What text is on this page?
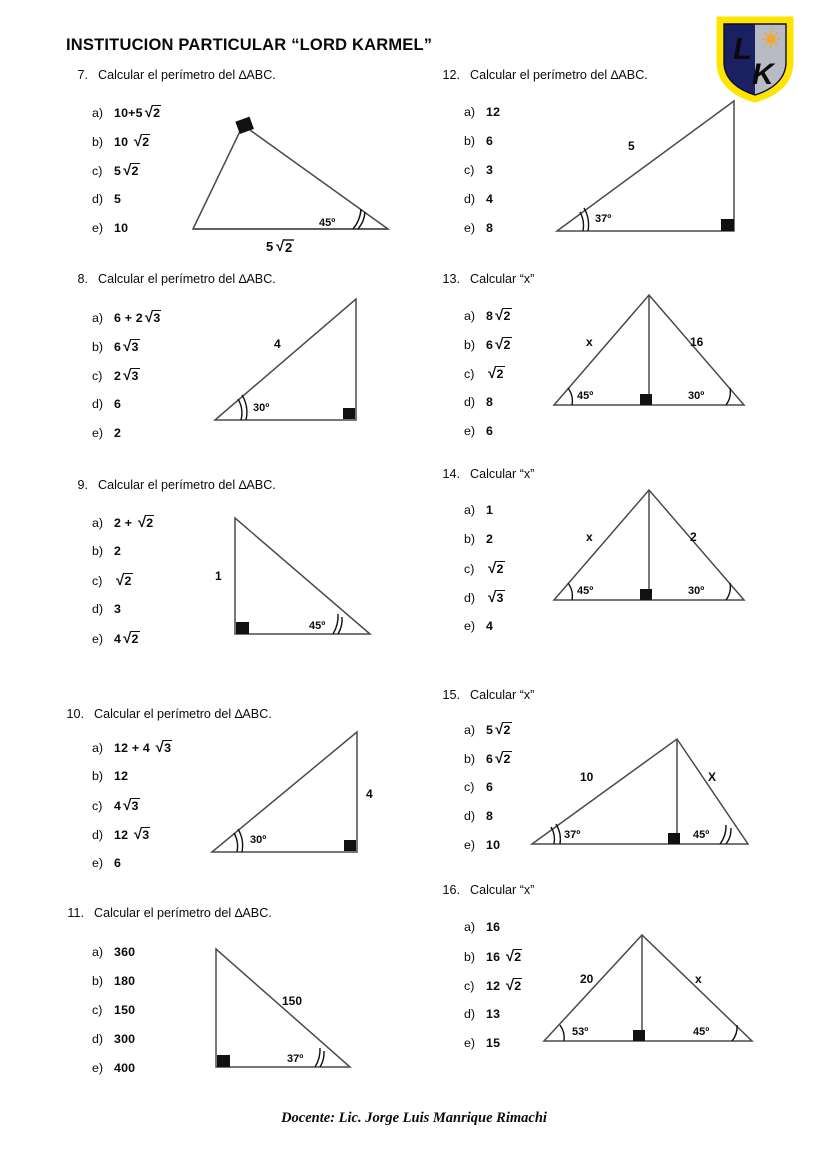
INSTITUCION PARTICULAR “LORD KARMEL”	L
K
7. Calcular el perímetro del ∆ABC.
a) 10+5 √2
b) 10 √2
c) 5 √2
d) 5
e) 10	45º
5 √ 2
8. Calcular el perímetro del ∆ABC.
a) 6 + 2 √3
b) 6 √3
c) 2 √3
d) 6
e) 2
30º
4
9. Calcular el perímetro del ∆ABC.
a) 2 + √2
b) 2
c) √2
d) 3
e) 4 √2
45º
1
10. Calcular el perímetro del ∆ABC.
a) 12 + 4 √3
b) 12
c) 4 √3
d) 12 √3
e) 6
30º
4
11. Calcular el perímetro del ∆ABC.
a) 360
b) 180
c) 150
d) 300
e) 400
37º
150
12. Calcular el perímetro del ∆ABC.
a) 12
b) 6
c) 3
d) 4
e) 8
37º
5
13. Calcular “x”
a) 8 √2
b) 6 √2
c) √2
d) 8
e) 6
45º	30º
x	16
14. Calcular “x”
a) 1
b) 2
c) √2
d) √3
e) 4
45º	30º
x	2
15. Calcular “x”
a) 5 √2
b) 6 √2
c) 6
d) 8
e) 10
37º	45º
10	X
16. Calcular “x”
a) 16
b) 16 √2
c) 12 √2
d) 13
e) 15
53º	45º
20	x
Docente: Lic. Jorge Luis Manrique Rimachi
